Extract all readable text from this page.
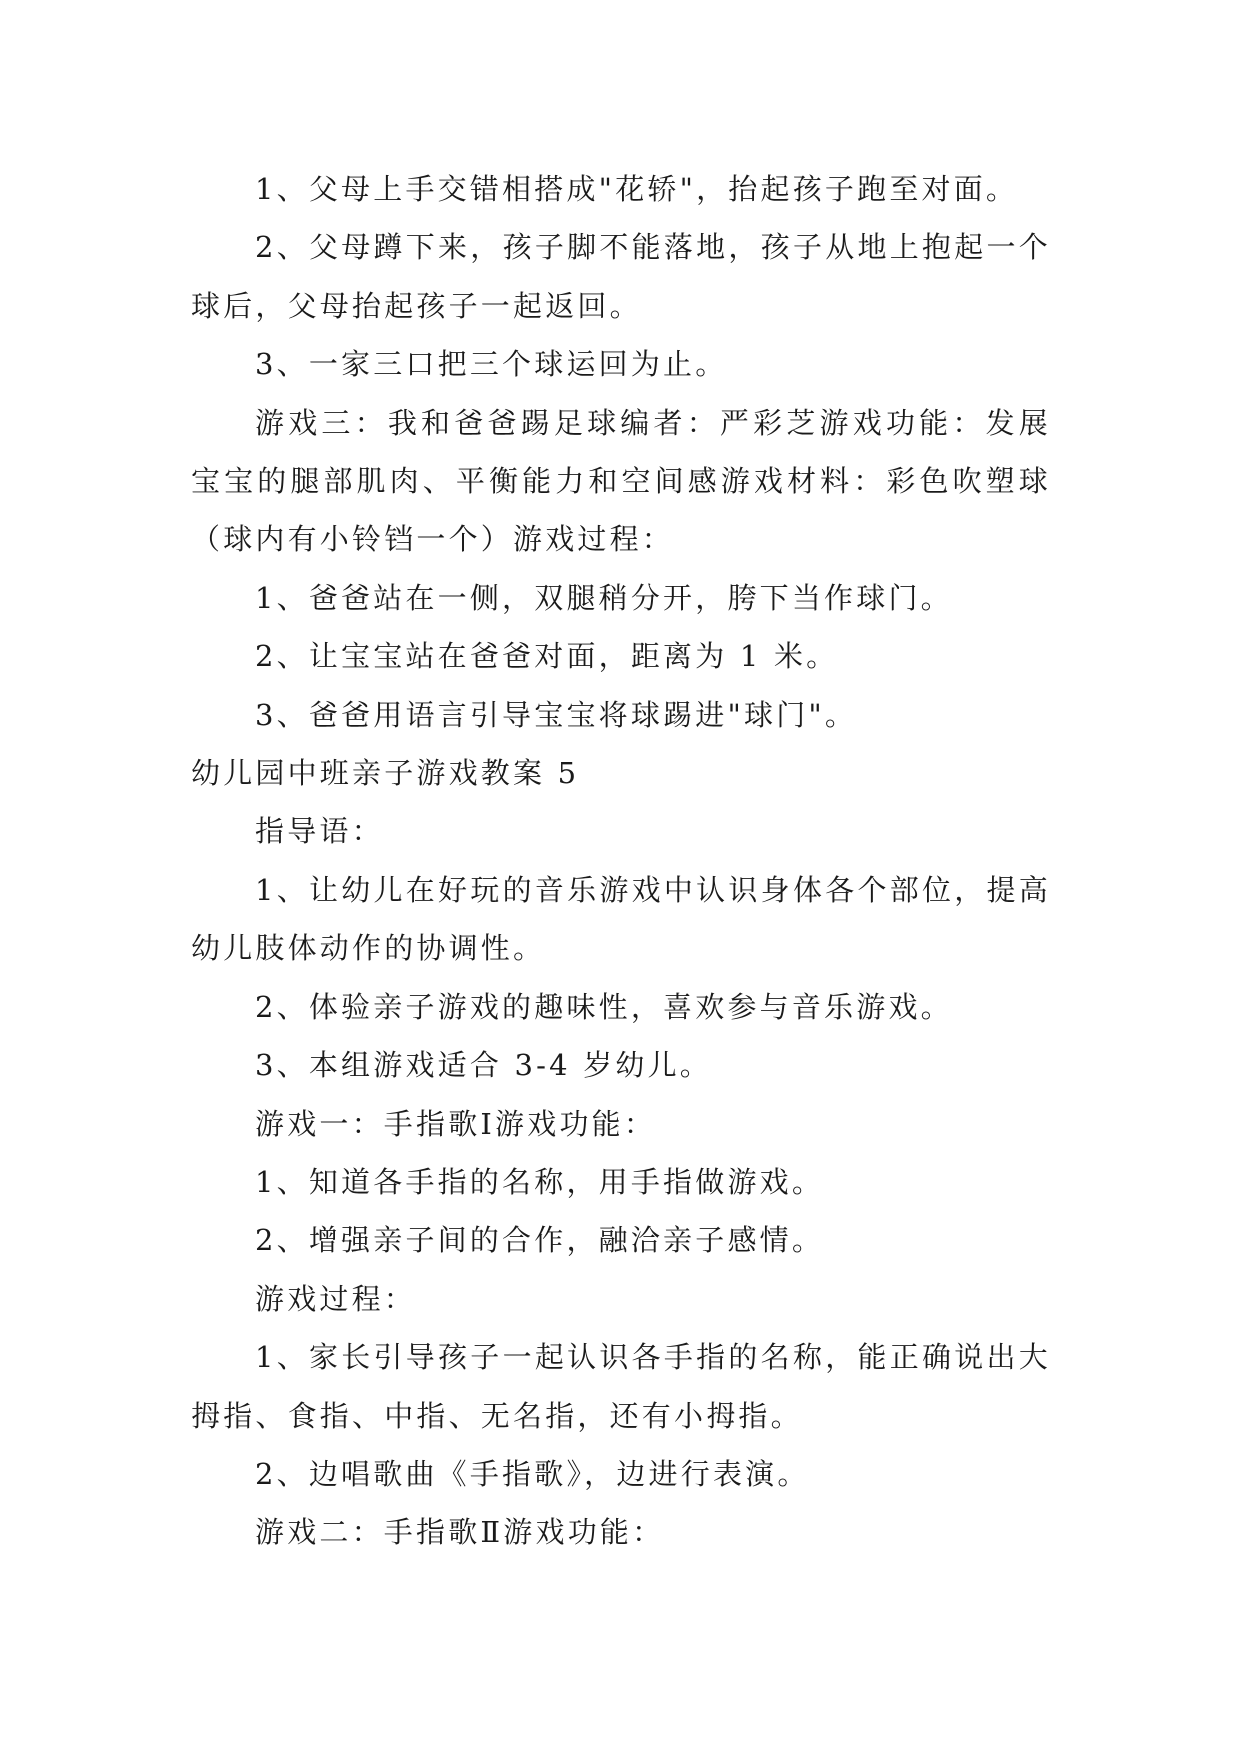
1、父母上手交错相搭成"花轿"，抬起孩子跑至对面。

2、父母蹲下来，孩子脚不能落地，孩子从地上抱起一个球后，父母抬起孩子一起返回。

3、一家三口把三个球运回为止。

游戏三：我和爸爸踢足球编者：严彩芝游戏功能：发展宝宝的腿部肌肉、平衡能力和空间感游戏材料：彩色吹塑球（球内有小铃铛一个）游戏过程：

1、爸爸站在一侧，双腿稍分开，胯下当作球门。

2、让宝宝站在爸爸对面，距离为 1 米。

3、爸爸用语言引导宝宝将球踢进"球门"。

幼儿园中班亲子游戏教案 5

指导语：

1、让幼儿在好玩的音乐游戏中认识身体各个部位，提高幼儿肢体动作的协调性。

2、体验亲子游戏的趣味性，喜欢参与音乐游戏。

3、本组游戏适合 3-4 岁幼儿。

游戏一：手指歌Ⅰ游戏功能：

1、知道各手指的名称，用手指做游戏。

2、增强亲子间的合作，融洽亲子感情。

游戏过程：

1、家长引导孩子一起认识各手指的名称，能正确说出大拇指、食指、中指、无名指，还有小拇指。

2、边唱歌曲《手指歌》，边进行表演。

游戏二：手指歌Ⅱ游戏功能：
